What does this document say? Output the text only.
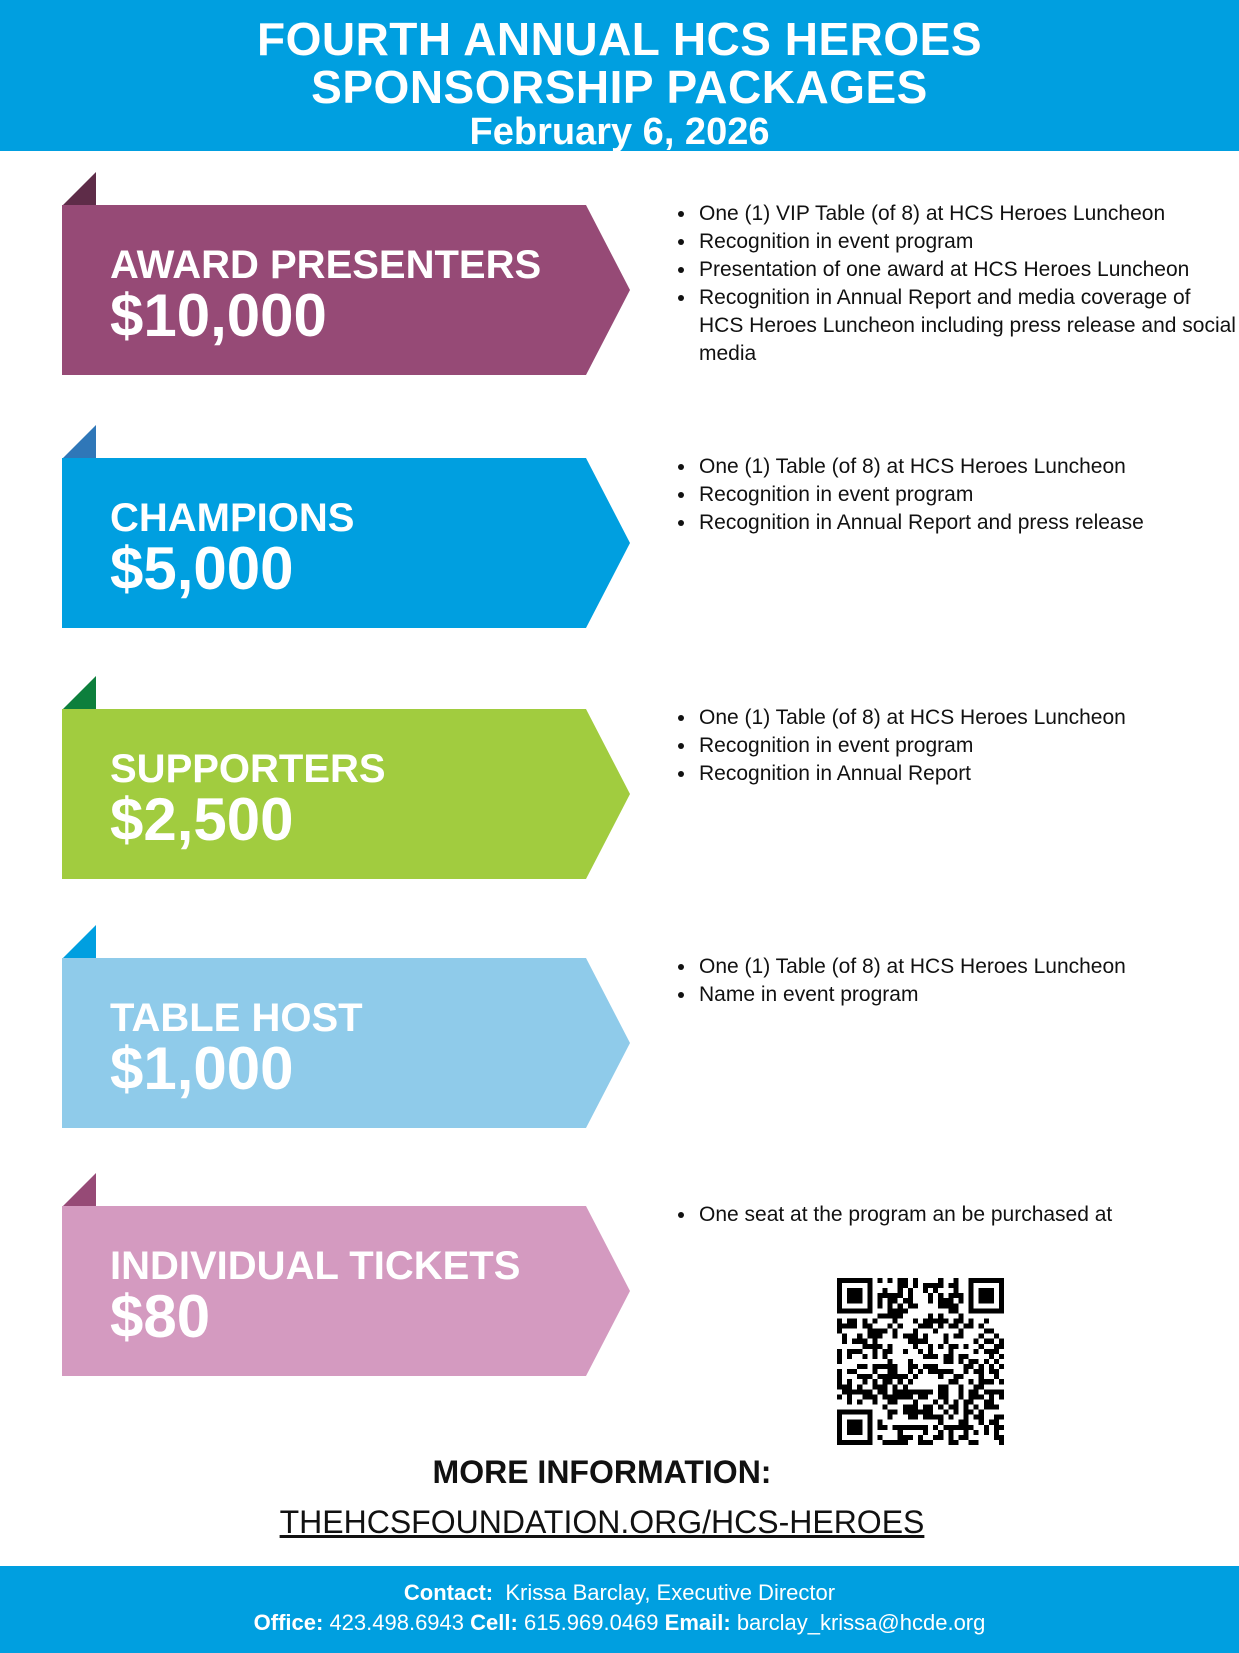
FOURTH ANNUAL HCS HEROES
SPONSORSHIP PACKAGES
February 6, 2026
AWARD PRESENTERS
$10,000
• One (1) VIP Table (of 8) at HCS Heroes Luncheon
• Recognition in event program
• Presentation of one award at HCS Heroes Luncheon
• Recognition in Annual Report and media coverage of HCS Heroes Luncheon including press release and social media
CHAMPIONS
$5,000
• One (1) Table (of 8) at HCS Heroes Luncheon
• Recognition in event program
• Recognition in Annual Report and press release
SUPPORTERS
$2,500
• One (1) Table (of 8) at HCS Heroes Luncheon
• Recognition in event program
• Recognition in Annual Report
TABLE HOST
$1,000
• One (1) Table (of 8) at HCS Heroes Luncheon
• Name in event program
INDIVIDUAL TICKETS
$80
• One seat at the program an be purchased at
MORE INFORMATION:
THEHCSFOUNDATION.ORG/HCS-HEROES
Contact: Krissa Barclay, Executive Director
Office: 423.498.6943 Cell: 615.969.0469 Email: barclay_krissa@hcde.org
